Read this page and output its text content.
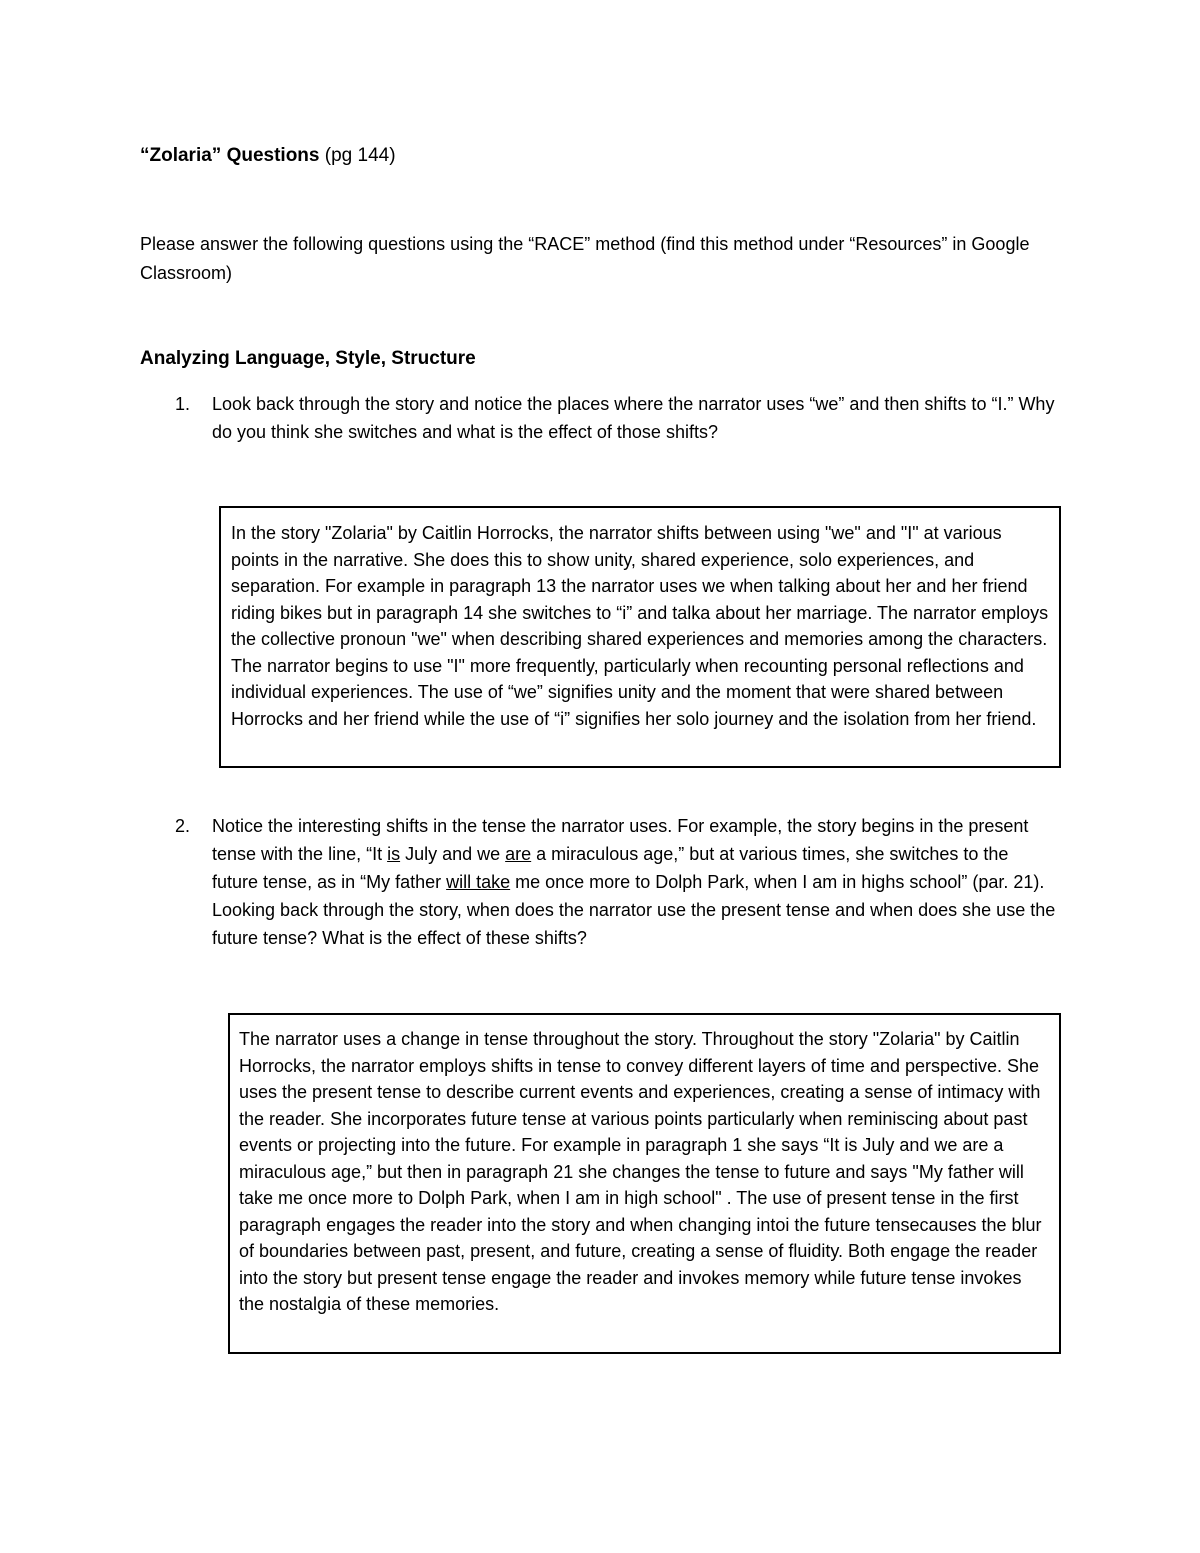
“Zolaria” Questions (pg 144)
Please answer the following questions using the “RACE” method (find this method under “Resources” in Google Classroom)
Analyzing Language, Style, Structure
1. Look back through the story and notice the places where the narrator uses “we” and then shifts to “I.” Why do you think she switches and what is the effect of those shifts?
In the story "Zolaria" by Caitlin Horrocks, the narrator shifts between using "we" and "I" at various points in the narrative. She does this to show unity, shared experience, solo experiences, and separation. For example in paragraph 13 the narrator uses we when talking about her and her friend riding bikes but in paragraph 14 she switches to “i” and talka about her marriage. The narrator employs the collective pronoun "we" when describing shared experiences and memories among the characters. The narrator begins to use "I" more frequently, particularly when recounting personal reflections and individual experiences. The use of “we” signifies unity and the moment that were shared between Horrocks and her friend while the use of “i” signifies her solo journey and the isolation from her friend.
2. Notice the interesting shifts in the tense the narrator uses. For example, the story begins in the present tense with the line, “It is July and we are a miraculous age,” but at various times, she switches to the future tense, as in “My father will take me once more to Dolph Park, when I am in highs school” (par. 21). Looking back through the story, when does the narrator use the present tense and when does she use the future tense? What is the effect of these shifts?
The narrator uses a change in tense throughout the story. Throughout the story "Zolaria" by Caitlin Horrocks, the narrator employs shifts in tense to convey different layers of time and perspective. She uses the present tense to describe current events and experiences, creating a sense of intimacy with the reader. She incorporates future tense at various points particularly when reminiscing about past events or projecting into the future. For example in paragraph 1 she says “It is July and we are a miraculous age,” but then in paragraph 21 she changes the tense to future and says "My father will take me once more to Dolph Park, when I am in high school" . The use of present tense in the first paragraph engages the reader into the story and when changing intoi the future tensecauses the blur of boundaries between past, present, and future, creating a sense of fluidity. Both engage the reader into the story but present tense engage the reader and invokes memory while future tense invokes the nostalgia of these memories.
